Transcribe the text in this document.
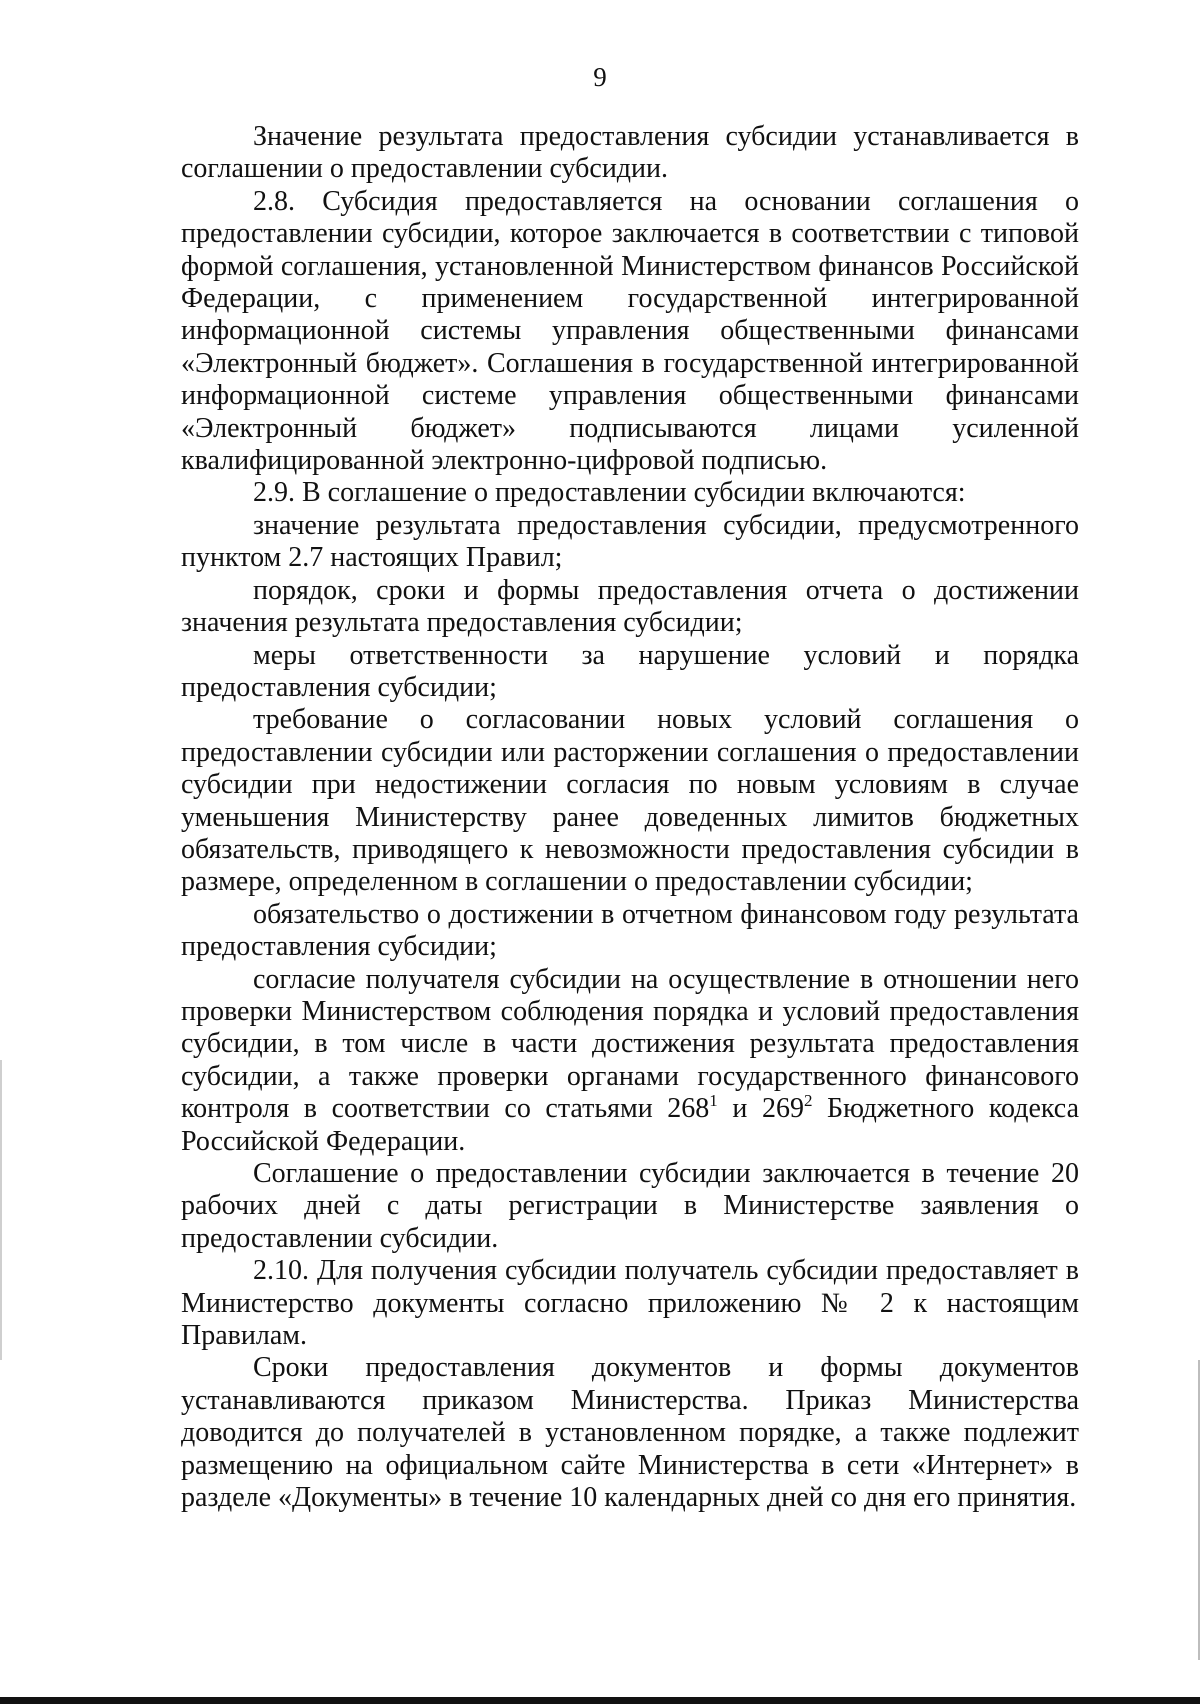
9

Значение результата предоставления субсидии устанавливается в соглашении о предоставлении субсидии.

2.8. Субсидия предоставляется на основании соглашения о предоставлении субсидии, которое заключается в соответствии с типовой формой соглашения, установленной Министерством финансов Российской Федерации, с применением государственной интегрированной информационной системы управления общественными финансами «Электронный бюджет». Соглашения в государственной интегрированной информационной системе управления общественными финансами «Электронный бюджет» подписываются лицами усиленной квалифицированной электронно-цифровой подписью.

2.9. В соглашение о предоставлении субсидии включаются:

значение результата предоставления субсидии, предусмотренного пунктом 2.7 настоящих Правил;

порядок, сроки и формы предоставления отчета о достижении значения результата предоставления субсидии;

меры ответственности за нарушение условий и порядка предоставления субсидии;

требование о согласовании новых условий соглашения о предоставлении субсидии или расторжении соглашения о предоставлении субсидии при недостижении согласия по новым условиям в случае уменьшения Министерству ранее доведенных лимитов бюджетных обязательств, приводящего к невозможности предоставления субсидии в размере, определенном в соглашении о предоставлении субсидии;

обязательство о достижении в отчетном финансовом году результата предоставления субсидии;

согласие получателя субсидии на осуществление в отношении него проверки Министерством соблюдения порядка и условий предоставления субсидии, в том числе в части достижения результата предоставления субсидии, а также проверки органами государственного финансового контроля в соответствии со статьями $268^1$ и $269^2$ Бюджетного кодекса Российской Федерации.

Соглашение о предоставлении субсидии заключается в течение 20 рабочих дней с даты регистрации в Министерстве заявления о предоставлении субсидии.

2.10. Для получения субсидии получатель субсидии предоставляет в Министерство документы согласно приложению № 2 к настоящим Правилам.

Сроки предоставления документов и формы документов устанавливаются приказом Министерства. Приказ Министерства доводится до получателей в установленном порядке, а также подлежит размещению на официальном сайте Министерства в сети «Интернет» в разделе «Документы» в течение 10 календарных дней со дня его принятия.
